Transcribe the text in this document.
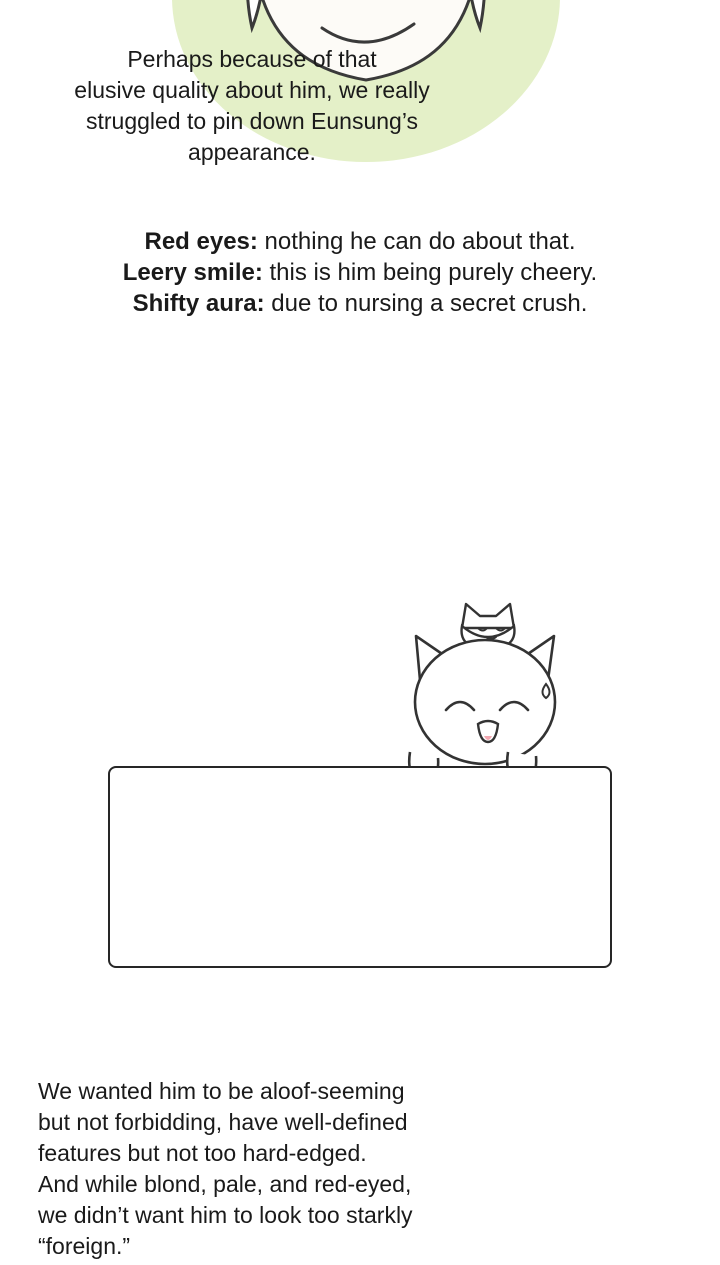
Red eyes: nothing he can do about that.
Leery smile: this is him being purely cheery.
Shifty aura: due to nursing a secret crush.
Perhaps because of that
elusive quality about him, we really
struggled to pin down Eunsung’s
appearance.
We wanted him to be aloof-seeming
but not forbidding, have well-defined
features but not too hard-edged.
And while blond, pale, and red-eyed,
we didn’t want him to look too starkly
“foreign.”
